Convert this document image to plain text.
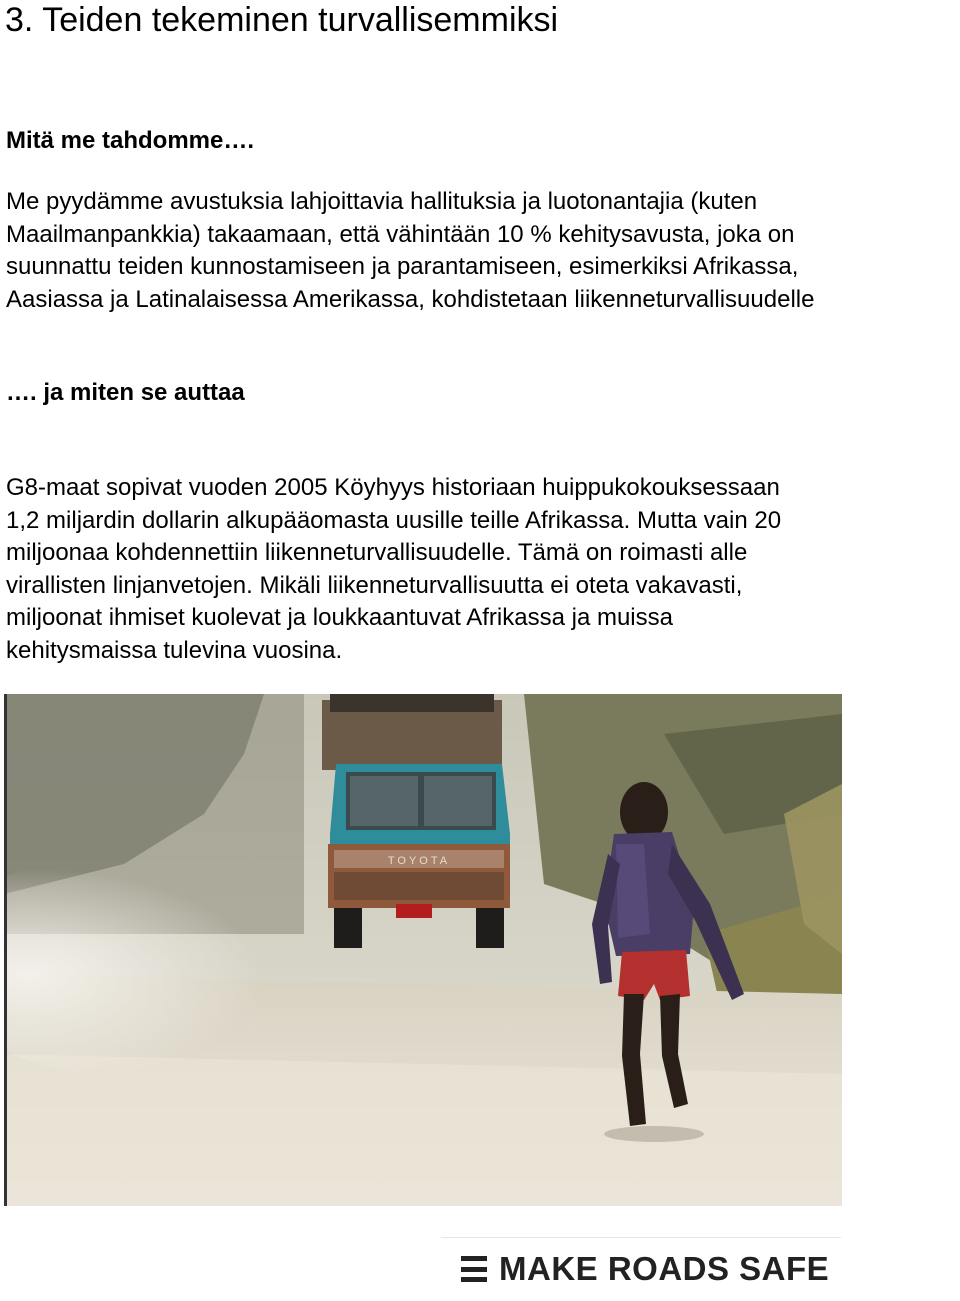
3. Teiden tekeminen turvallisemmiksi
Mitä me tahdomme….

Me pyydämme avustuksia lahjoittavia hallituksia ja luotonantajia (kuten
Maailmanpankkia) takaamaan, että vähintään 10 % kehitysavusta, joka on
suunnattu teiden kunnostamiseen ja parantamiseen, esimerkiksi Afrikassa,
Aasiassa ja Latinalaisessa Amerikassa, kohdistetaan liikenneturvallisuudelle

…. ja miten se auttaa

G8-maat sopivat vuoden 2005 Köyhyys historiaan huippukokouksessaan
1,2 miljardin dollarin alkupääomasta uusille teille Afrikassa. Mutta vain 20
miljoonaa kohdennettiin liikenneturvallisuudelle. Tämä on roimasti alle
virallisten linjanvetojen. Mikäli liikenneturvallisuutta ei oteta vakavasti,
miljoonat ihmiset kuolevat ja loukkaantuvat Afrikassa ja muissa
kehitysmaissa tulevina vuosina.

TOYOTA
MAKE ROADS SAFE
